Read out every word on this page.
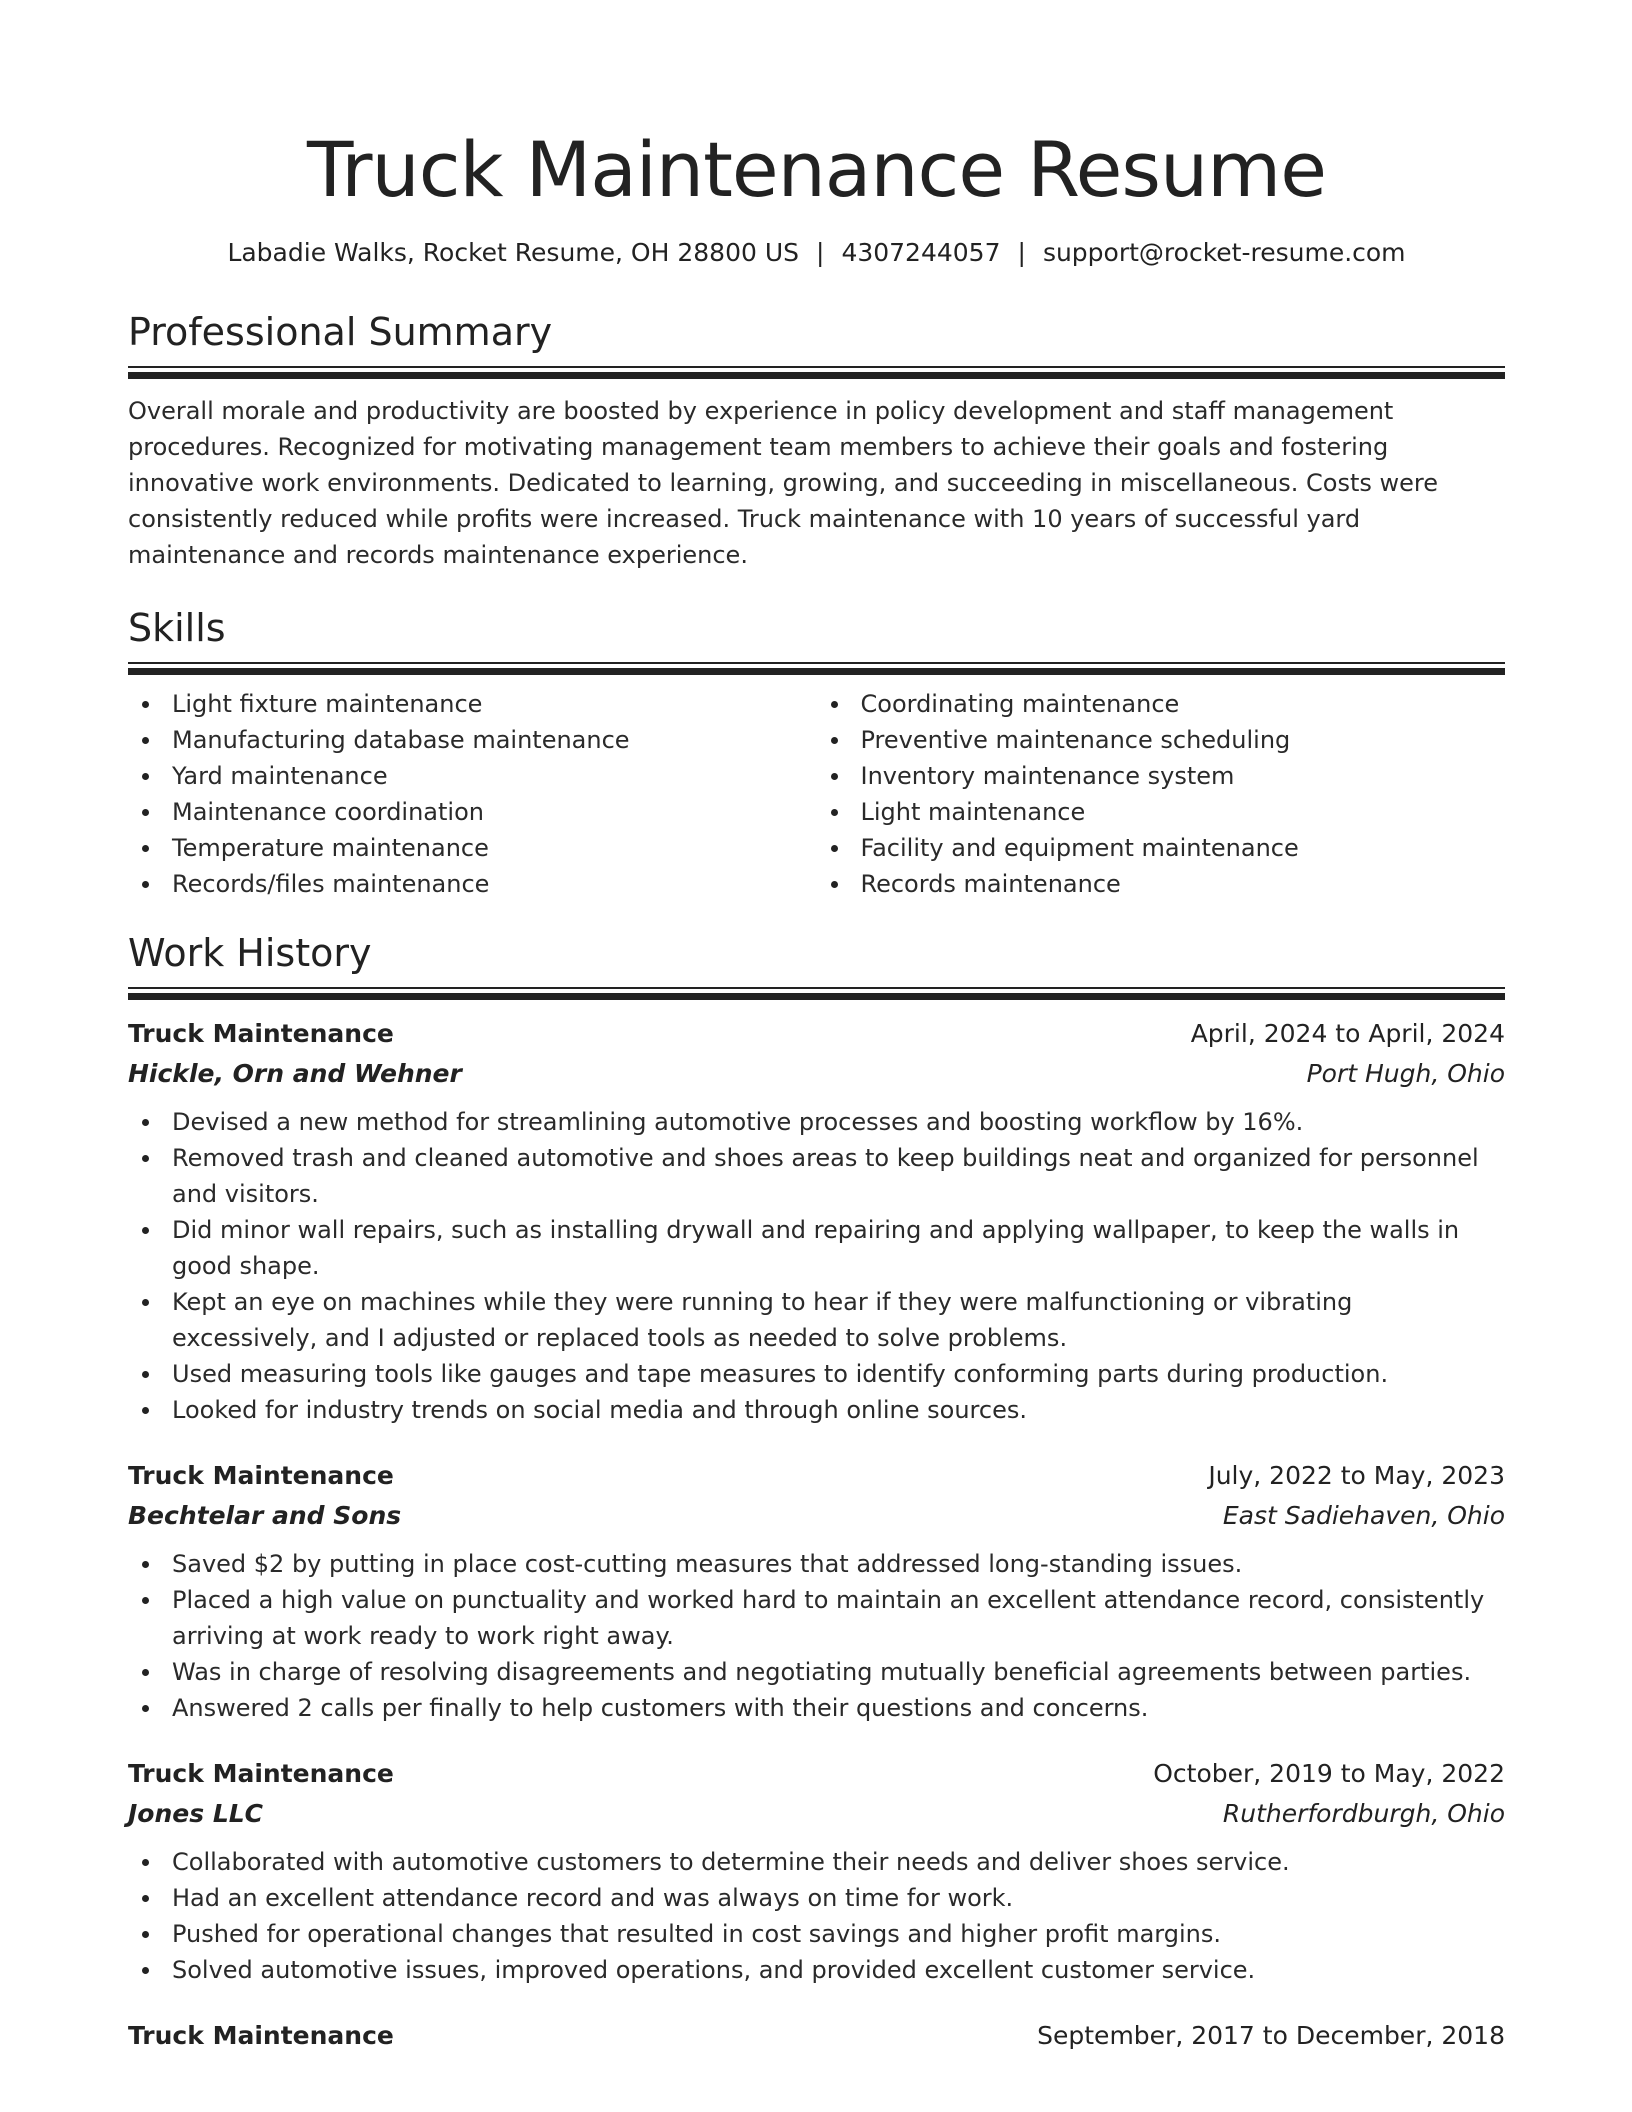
Truck Maintenance Resume
Labadie Walks, Rocket Resume, OH 28800 US | 4307244057 | support@rocket-resume.com
Professional Summary

Overall morale and productivity are boosted by experience in policy development and staff management procedures. Recognized for motivating management team members to achieve their goals and fostering innovative work environments. Dedicated to learning, growing, and succeeding in miscellaneous. Costs were consistently reduced while profits were increased. Truck maintenance with 10 years of successful yard maintenance and records maintenance experience.

Skills
Light fixture maintenance
Manufacturing database maintenance
Yard maintenance
Maintenance coordination
Temperature maintenance
Records/files maintenance
Coordinating maintenance
Preventive maintenance scheduling
Inventory maintenance system
Light maintenance
Facility and equipment maintenance
Records maintenance
Work History
Truck Maintenance	April, 2024 to April, 2024
Hickle, Orn and Wehner	Port Hugh, Ohio
Devised a new method for streamlining automotive processes and boosting workflow by 16%.
Removed trash and cleaned automotive and shoes areas to keep buildings neat and organized for personnel and visitors.
Did minor wall repairs, such as installing drywall and repairing and applying wallpaper, to keep the walls in good shape.
Kept an eye on machines while they were running to hear if they were malfunctioning or vibrating excessively, and I adjusted or replaced tools as needed to solve problems.
Used measuring tools like gauges and tape measures to identify conforming parts during production.
Looked for industry trends on social media and through online sources.
Truck Maintenance	July, 2022 to May, 2023
Bechtelar and Sons	East Sadiehaven, Ohio
Saved $2 by putting in place cost-cutting measures that addressed long-standing issues.
Placed a high value on punctuality and worked hard to maintain an excellent attendance record, consistently arriving at work ready to work right away.
Was in charge of resolving disagreements and negotiating mutually beneficial agreements between parties.
Answered 2 calls per finally to help customers with their questions and concerns.
Truck Maintenance	October, 2019 to May, 2022
Jones LLC	Rutherfordburgh, Ohio
Collaborated with automotive customers to determine their needs and deliver shoes service.
Had an excellent attendance record and was always on time for work.
Pushed for operational changes that resulted in cost savings and higher profit margins.
Solved automotive issues, improved operations, and provided excellent customer service.
Truck Maintenance	September, 2017 to December, 2018
